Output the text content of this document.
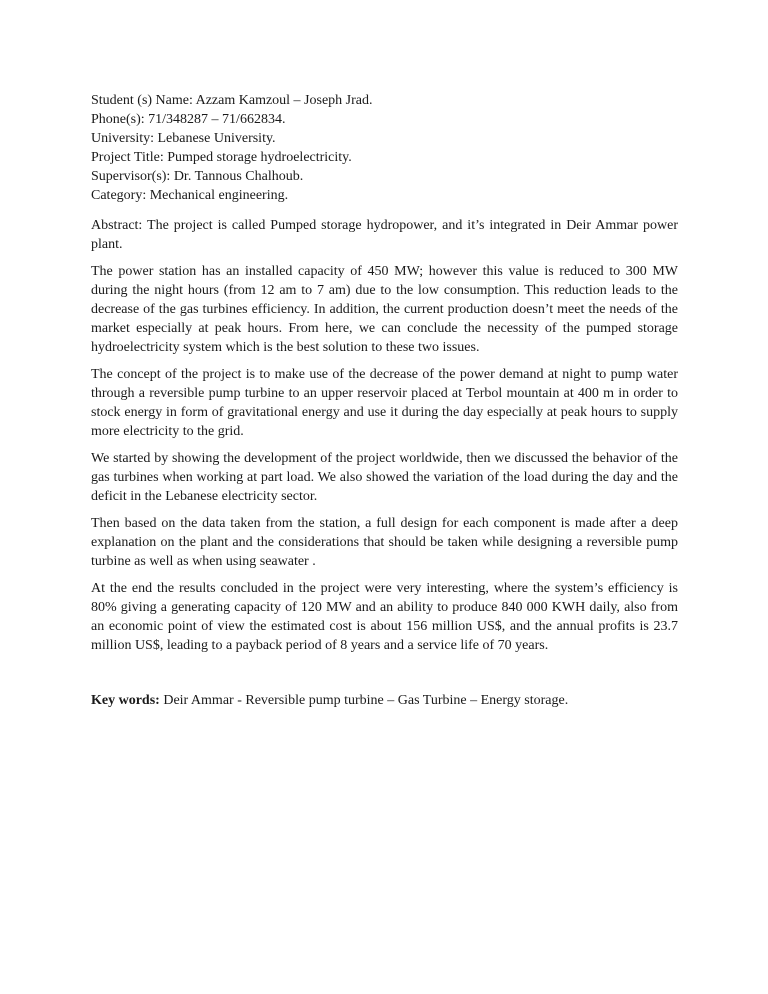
Student (s) Name: Azzam Kamzoul – Joseph Jrad.
Phone(s): 71/348287 – 71/662834.
University: Lebanese University.
Project Title: Pumped storage hydroelectricity.
Supervisor(s): Dr. Tannous Chalhoub.
Category: Mechanical engineering.

Abstract: The project is called Pumped storage hydropower, and it’s integrated in Deir Ammar power plant.

The power station has an installed capacity of 450 MW; however this value is reduced to 300 MW during the night hours (from 12 am to 7 am) due to the low consumption. This reduction leads to the decrease of the gas turbines efficiency. In addition, the current production doesn’t meet the needs of the market especially at peak hours. From here, we can conclude the necessity of the pumped storage hydroelectricity system which is the best solution to these two issues.

The concept of the project is to make use of the decrease of the power demand at night to pump water through a reversible pump turbine to an upper reservoir placed at Terbol mountain at 400 m in order to stock energy in form of gravitational energy and use it during the day especially at peak hours to supply more electricity to the grid.

We started by showing the development of the project worldwide, then we discussed the behavior of the gas turbines when working at part load. We also showed the variation of the load during the day and the deficit in the Lebanese electricity sector.

Then based on the data taken from the station, a full design for each component is made after a deep explanation on the plant and the considerations that should be taken while designing a reversible pump turbine as well as when using seawater .

At the end the results concluded in the project were very interesting, where the system’s efficiency is 80% giving a generating capacity of 120 MW and an ability to produce 840 000 KWH daily, also from an economic point of view the estimated cost is about 156 million US$, and the annual profits is 23.7 million US$, leading to a payback period of 8 years and a service life of 70 years.

Key words: Deir Ammar - Reversible pump turbine – Gas Turbine – Energy storage.
